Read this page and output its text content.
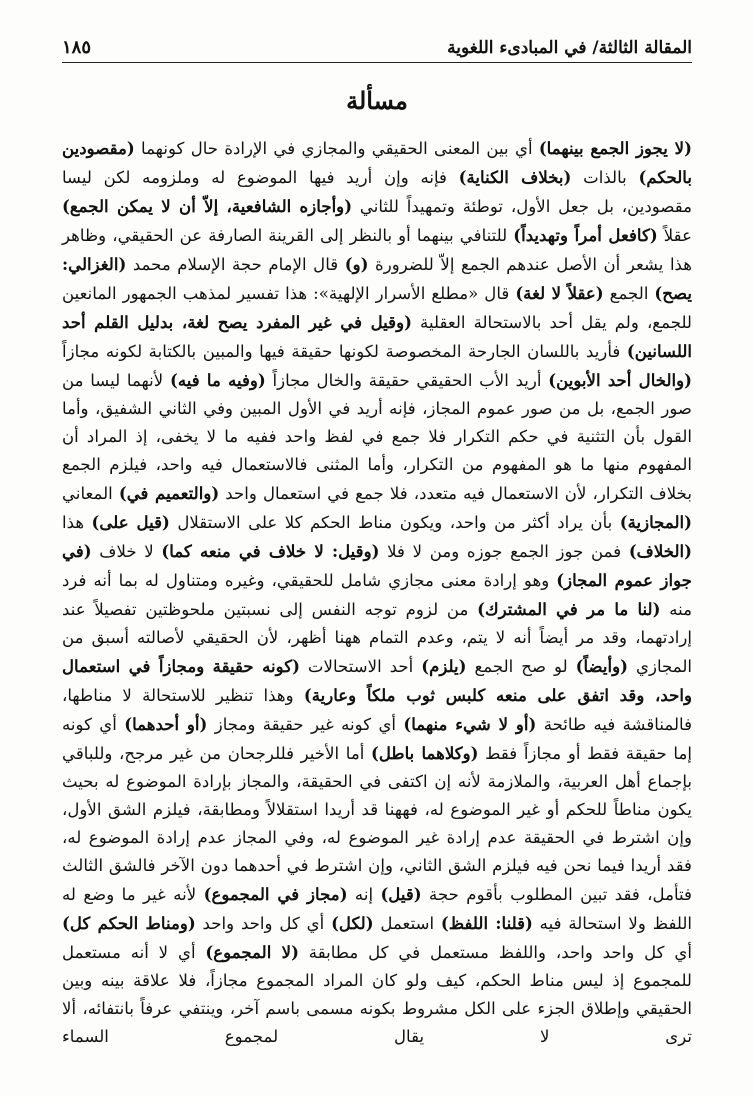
المقالة الثالثة/ في المبادىء اللغوية
١٨٥
مسألة

(لا يجوز الجمع بينهما) أي بين المعنى الحقيقي والمجازي في الإرادة حال كونهما (مقصودين بالحكم) بالذات (بخلاف الكناية) فإنه وإن أريد فيها الموضوع له وملزومه لكن ليسا مقصودين، بل جعل الأول، توطئة وتمهيداً للثاني (وأجازه الشافعية، إلاّ أن لا يمكن الجمع) عقلاً (كافعل أمراً وتهديداً) للتنافي بينهما أو بالنظر إلى القرينة الصارفة عن الحقيقي، وظاهر هذا يشعر أن الأصل عندهم الجمع إلاّ للضرورة (و) قال الإمام حجة الإسلام محمد (الغزالي: يصح) الجمع (عقلاً لا لغة) قال «مطلع الأسرار الإلهية»: هذا تفسير لمذهب الجمهور المانعين للجمع، ولم يقل أحد بالاستحالة العقلية (وقيل في غير المفرد يصح لغة، بدليل القلم أحد اللسانين) فأريد باللسان الجارحة المخصوصة لكونها حقيقة فيها والمبين بالكتابة لكونه مجازاً (والخال أحد الأبوين) أريد الأب الحقيقي حقيقة والخال مجازاً (وفيه ما فيه) لأنهما ليسا من صور الجمع، بل من صور عموم المجاز، فإنه أريد في الأول المبين وفي الثاني الشفيق، وأما القول بأن التثنية في حكم التكرار فلا جمع في لفظ واحد ففيه ما لا يخفى، إذ المراد أن المفهوم منها ما هو المفهوم من التكرار، وأما المثنى فالاستعمال فيه واحد، فيلزم الجمع بخلاف التكرار، لأن الاستعمال فيه متعدد، فلا جمع في استعمال واحد (والتعميم في) المعاني (المجازية) بأن يراد أكثر من واحد، ويكون مناط الحكم كلا على الاستقلال (قيل على) هذا (الخلاف) فمن جوز الجمع جوزه ومن لا فلا (وقيل: لا خلاف في منعه كما) لا خلاف (في جواز عموم المجاز) وهو إرادة معنى مجازي شامل للحقيقي، وغيره ومتناول له بما أنه فرد منه (لنا ما مر في المشترك) من لزوم توجه النفس إلى نسبتين ملحوظتين تفصيلاً عند إرادتهما، وقد مر أيضاً أنه لا يتم، وعدم التمام ههنا أظهر، لأن الحقيقي لأصالته أسبق من المجازي (وأيضاً) لو صح الجمع (يلزم) أحد الاستحالات (كونه حقيقة ومجازاً في استعمال واحد، وقد اتفق على منعه كلبس ثوب ملكاً وعارية) وهذا تنظير للاستحالة لا مناطها، فالمناقشة فيه طائحة (أو لا شيء منهما) أي كونه غير حقيقة ومجاز (أو أحدهما) أي كونه إما حقيقة فقط أو مجازاً فقط (وكلاهما باطل) أما الأخير فللرجحان من غير مرجح، وللباقي بإجماع أهل العربية، والملازمة لأنه إن اكتفى في الحقيقة، والمجاز بإرادة الموضوع له بحيث يكون مناطاً للحكم أو غير الموضوع له، فههنا قد أريدا استقلالاً ومطابقة، فيلزم الشق الأول، وإن اشترط في الحقيقة عدم إرادة غير الموضوع له، وفي المجاز عدم إرادة الموضوع له، فقد أريدا فيما نحن فيه فيلزم الشق الثاني، وإن اشترط في أحدهما دون الآخر فالشق الثالث فتأمل، فقد تبين المطلوب بأقوم حجة (قيل) إنه (مجاز في المجموع) لأنه غير ما وضع له اللفظ ولا استحالة فيه (قلنا: اللفظ) استعمل (لكل) أي كل واحد واحد (ومناط الحكم كل) أي كل واحد واحد، واللفظ مستعمل في كل مطابقة (لا المجموع) أي لا أنه مستعمل للمجموع إذ ليس مناط الحكم، كيف ولو كان المراد المجموع مجازاً، فلا علاقة بينه وبين الحقيقي وإطلاق الجزء على الكل مشروط بكونه مسمى باسم آخر، وينتفي عرفاً بانتفائه، ألا ترى لا يقال لمجموع السماء
